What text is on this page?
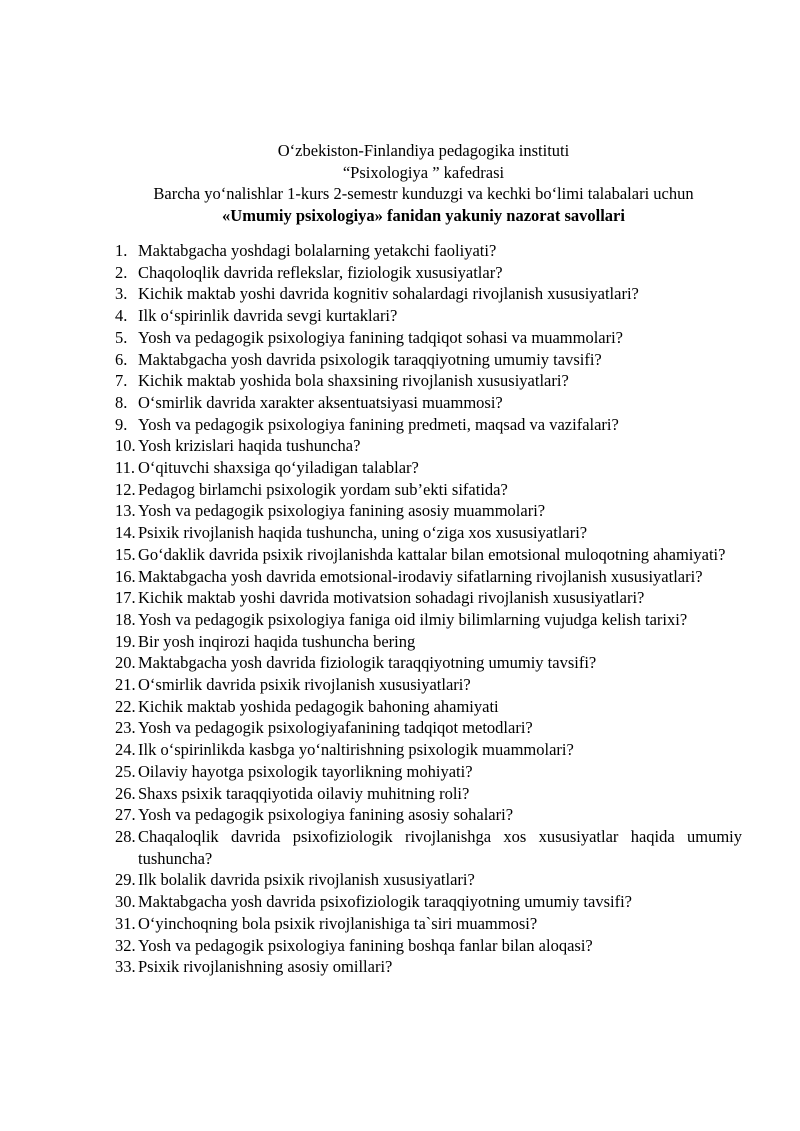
O‘zbekiston-Finlandiya pedagogika instituti
“Psixologiya ” kafedrasi
Barcha yo‘nalishlar 1-kurs 2-semestr kunduzgi va kechki bo‘limi talabalari uchun
«Umumiy psixologiya» fanidan yakuniy nazorat savollari
1. Maktabgacha yoshdagi bolalarning yetakchi faoliyati?
2. Chaqoloqlik davrida reflekslar, fiziologik xususiyatlar?
3. Kichik maktab yoshi davrida kognitiv sohalardagi rivojlanish xususiyatlari?
4. Ilk o‘spirinlik davrida sevgi kurtaklari?
5. Yosh va pedagogik psixologiya fanining tadqiqot sohasi va muammolari?
6. Maktabgacha yosh davrida psixologik taraqqiyotning umumiy tavsifi?
7. Kichik maktab yoshida bola shaxsining rivojlanish xususiyatlari?
8. O‘smirlik davrida xarakter aksentuatsiyasi muammosi?
9. Yosh va pedagogik psixologiya fanining predmeti, maqsad va vazifalari?
10. Yosh krizislari haqida tushuncha?
11. O‘qituvchi shaxsiga qo‘yiladigan talablar?
12. Pedagog birlamchi psixologik yordam sub’ekti sifatida?
13. Yosh va pedagogik psixologiya fanining asosiy muammolari?
14. Psixik rivojlanish haqida tushuncha, uning o‘ziga xos xususiyatlari?
15. Go‘daklik davrida psixik rivojlanishda kattalar bilan emotsional muloqotning ahamiyati?
16. Maktabgacha yosh davrida emotsional-irodaviy sifatlarning rivojlanish xususiyatlari?
17. Kichik maktab yoshi davrida motivatsion sohadagi rivojlanish xususiyatlari?
18. Yosh va pedagogik psixologiya faniga oid ilmiy bilimlarning vujudga kelish tarixi?
19. Bir yosh inqirozi haqida tushuncha bering
20. Maktabgacha yosh davrida fiziologik taraqqiyotning umumiy tavsifi?
21. O‘smirlik davrida psixik rivojlanish xususiyatlari?
22. Kichik maktab yoshida pedagogik bahoning ahamiyati
23. Yosh va pedagogik psixologiyafanining tadqiqot metodlari?
24. Ilk o‘spirinlikda kasbga yo‘naltirishning psixologik muammolari?
25. Oilaviy hayotga psixologik tayorlikning mohiyati?
26. Shaxs psixik taraqqiyotida oilaviy muhitning roli?
27. Yosh va pedagogik psixologiya fanining asosiy sohalari?
28. Chaqaloqlik davrida psixofiziologik rivojlanishga xos xususiyatlar haqida umumiy tushuncha?
29. Ilk bolalik davrida psixik rivojlanish xususiyatlari?
30. Maktabgacha yosh davrida psixofiziologik taraqqiyotning umumiy tavsifi?
31. O‘yinchoqning bola psixik rivojlanishiga ta`siri muammosi?
32. Yosh va pedagogik psixologiya fanining boshqa fanlar bilan aloqasi?
33. Psixik rivojlanishning asosiy omillari?
